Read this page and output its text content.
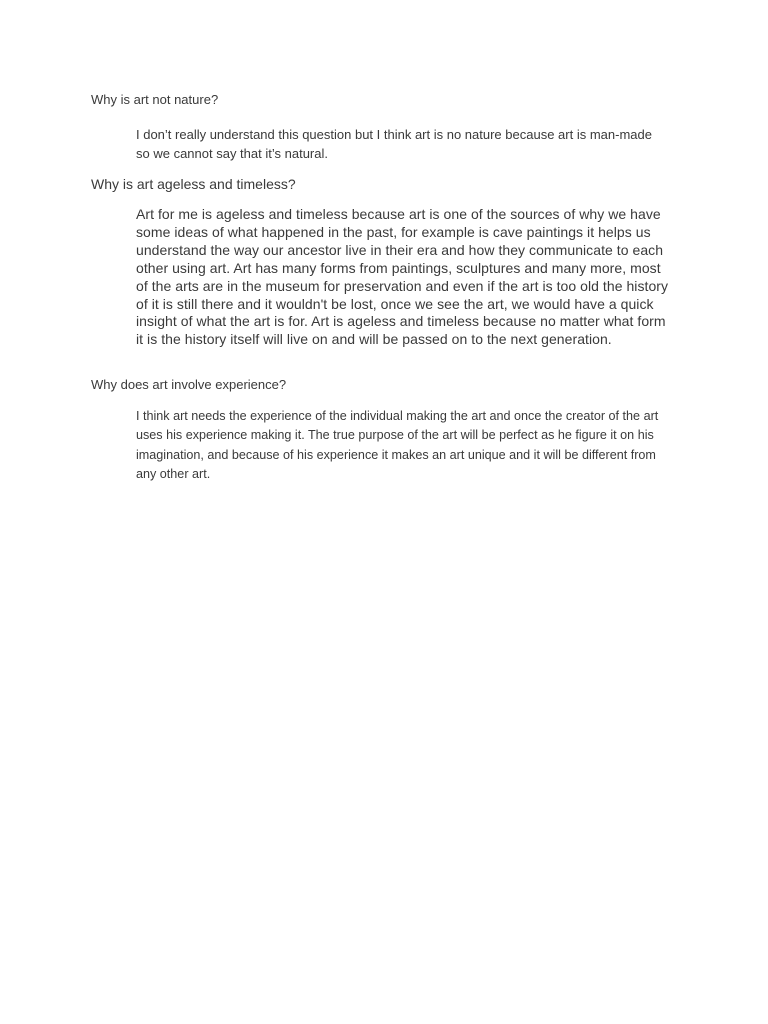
Why is art not nature?

I don’t really understand this question but I think art is no nature because art is man-made so we cannot say that it’s natural.

Why is art ageless and timeless?

Art for me is ageless and timeless because art is one of the sources of why we have some ideas of what happened in the past, for example is cave paintings it helps us understand the way our ancestor live in their era and how they communicate to each other using art. Art has many forms from paintings, sculptures and many more, most of the arts are in the museum for preservation and even if the art is too old the history of it is still there and it wouldn't be lost, once we see the art, we would have a quick insight of what the art is for. Art is ageless and timeless because no matter what form it is the history itself will live on and will be passed on to the next generation.

Why does art involve experience?

I think art needs the experience of the individual making the art and once the creator of the art uses his experience making it. The true purpose of the art will be perfect as he figure it on his imagination, and because of his experience it makes an art unique and it will be different from any other art.
